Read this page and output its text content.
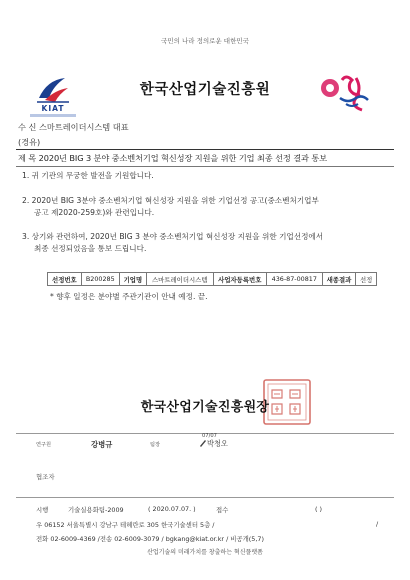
국민의 나라 정의로운 대한민국
KIAT
한국산업기술진흥원
수 신 스마트레이더시스템 대표
(경유)
제 목 2020년 BIG 3 분야 중소벤처기업 혁신성장 지원을 위한 기업 최종 선정 결과 통보
1. 귀 기관의 무궁한 발전을 기원합니다.
2. 2020년 BIG 3분야 중소벤처기업 혁신성장 지원을 위한 기업선정 공고(중소벤처기업부
공고 제2020-259호)와 관련입니다.
3. 상기와 관련하여, 2020년 BIG 3 분야 중소벤처기업 혁신성장 지원을 위한 기업선정에서
최종 선정되었음을 통보 드립니다.
선정번호	B200285	기업명	스마트레이더시스템	사업자등록번호	436-87-00817	새종결과	선정
* 향후 일정은 분야별 주관기관이 안내 예정. 끝.
한국산업기술진흥원장
연구원	강병규	팀장
07/07
박청오
협조자
시행	기술실용화팀-2009	( 2020.07.07. )	접수	( )
우 06152 서울특별시 강남구 테헤란로 305 한국기술센터 5층 /	/
전화 02-6009-4369 /전송 02-6009-3079 / bgkang@kiat.or.kr / 비공개(5,7)
산업기술의 미래가치를 창출하는 혁신플랫폼
